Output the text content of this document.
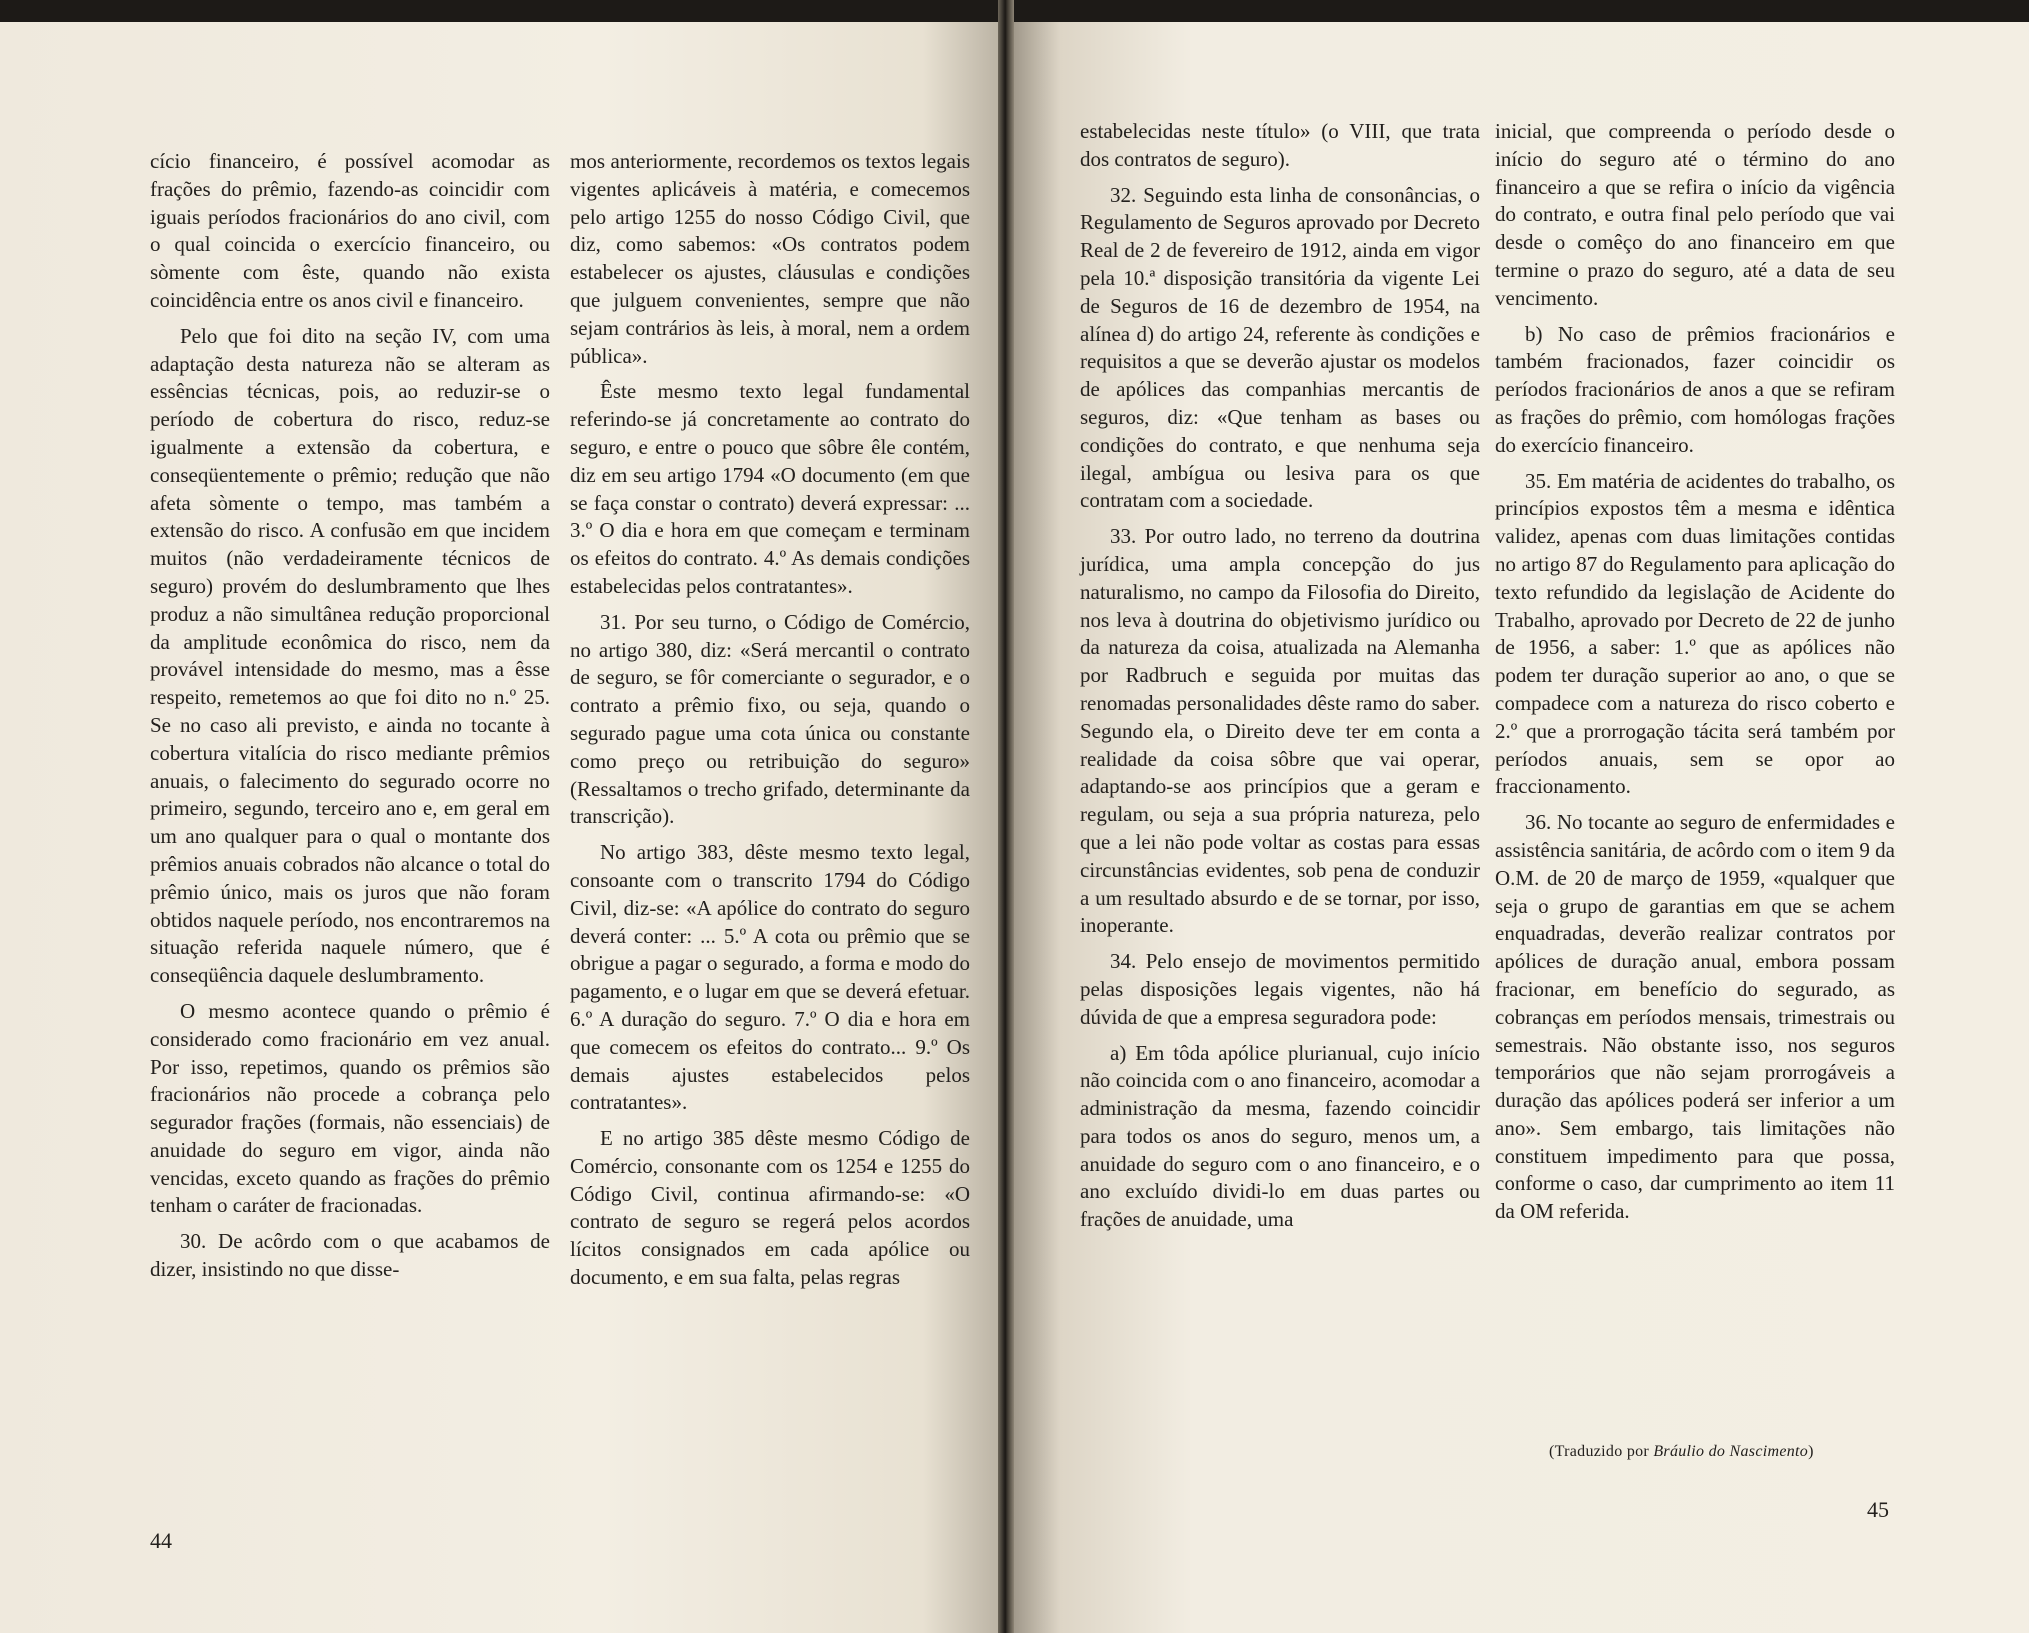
cício financeiro, é possível acomodar as frações do prêmio, fazendo-as coincidir com iguais períodos fracionários do ano civil, com o qual coincida o exercício financeiro, ou sòmente com êste, quando não exista coincidência entre os anos civil e financeiro.

Pelo que foi dito na seção IV, com uma adaptação desta natureza não se alteram as essências técnicas, pois, ao reduzir-se o período de cobertura do risco, reduz-se igualmente a extensão da cobertura, e conseqüentemente o prêmio; redução que não afeta sòmente o tempo, mas também a extensão do risco. A confusão em que incidem muitos (não verdadeiramente técnicos de seguro) provém do deslumbramento que lhes produz a não simultânea redução proporcional da amplitude econômica do risco, nem da provável intensidade do mesmo, mas a êsse respeito, remetemos ao que foi dito no n.º 25. Se no caso ali previsto, e ainda no tocante à cobertura vitalícia do risco mediante prêmios anuais, o falecimento do segurado ocorre no primeiro, segundo, terceiro ano e, em geral em um ano qualquer para o qual o montante dos prêmios anuais cobrados não alcance o total do prêmio único, mais os juros que não foram obtidos naquele período, nos encontraremos na situação referida naquele número, que é conseqüência daquele deslumbramento.

O mesmo acontece quando o prêmio é considerado como fracionário em vez anual. Por isso, repetimos, quando os prêmios são fracionários não procede a cobrança pelo segurador frações (formais, não essenciais) de anuidade do seguro em vigor, ainda não vencidas, exceto quando as frações do prêmio tenham o caráter de fracionadas.

30. De acôrdo com o que acabamos de dizer, insistindo no que disse-

mos anteriormente, recordemos os textos legais vigentes aplicáveis à matéria, e comecemos pelo artigo 1255 do nosso Código Civil, que diz, como sabemos: «Os contratos podem estabelecer os ajustes, cláusulas e condições que julguem convenientes, sempre que não sejam contrários às leis, à moral, nem a ordem pública».

Êste mesmo texto legal fundamental referindo-se já concretamente ao contrato do seguro, e entre o pouco que sôbre êle contém, diz em seu artigo 1794 «O documento (em que se faça constar o contrato) deverá expressar: ... 3.º O dia e hora em que começam e terminam os efeitos do contrato. 4.º As demais condições estabelecidas pelos contratantes».

31. Por seu turno, o Código de Comércio, no artigo 380, diz: «Será mercantil o contrato de seguro, se fôr comerciante o segurador, e o contrato a prêmio fixo, ou seja, quando o segurado pague uma cota única ou constante como preço ou retribuição do seguro» (Ressaltamos o trecho grifado, determinante da transcrição).

No artigo 383, dêste mesmo texto legal, consoante com o transcrito 1794 do Código Civil, diz-se: «A apólice do contrato do seguro deverá conter: ... 5.º A cota ou prêmio que se obrigue a pagar o segurado, a forma e modo do pagamento, e o lugar em que se deverá efetuar. 6.º A duração do seguro. 7.º O dia e hora em que comecem os efeitos do contrato... 9.º Os demais ajustes estabelecidos pelos contratantes».

E no artigo 385 dêste mesmo Código de Comércio, consonante com os 1254 e 1255 do Código Civil, continua afirmando-se: «O contrato de seguro se regerá pelos acordos lícitos consignados em cada apólice ou documento, e em sua falta, pelas regras

44

estabelecidas neste título» (o VIII, que trata dos contratos de seguro).

32. Seguindo esta linha de consonâncias, o Regulamento de Seguros aprovado por Decreto Real de 2 de fevereiro de 1912, ainda em vigor pela 10.ª disposição transitória da vigente Lei de Seguros de 16 de dezembro de 1954, na alínea d) do artigo 24, referente às condições e requisitos a que se deverão ajustar os modelos de apólices das companhias mercantis de seguros, diz: «Que tenham as bases ou condições do contrato, e que nenhuma seja ilegal, ambígua ou lesiva para os que contratam com a sociedade.

33. Por outro lado, no terreno da doutrina jurídica, uma ampla concepção do jus naturalismo, no campo da Filosofia do Direito, nos leva à doutrina do objetivismo jurídico ou da natureza da coisa, atualizada na Alemanha por Radbruch e seguida por muitas das renomadas personalidades dêste ramo do saber. Segundo ela, o Direito deve ter em conta a realidade da coisa sôbre que vai operar, adaptando-se aos princípios que a geram e regulam, ou seja a sua própria natureza, pelo que a lei não pode voltar as costas para essas circunstâncias evidentes, sob pena de conduzir a um resultado absurdo e de se tornar, por isso, inoperante.

34. Pelo ensejo de movimentos permitido pelas disposições legais vigentes, não há dúvida de que a empresa seguradora pode:

a) Em tôda apólice plurianual, cujo início não coincida com o ano financeiro, acomodar a administração da mesma, fazendo coincidir para todos os anos do seguro, menos um, a anuidade do seguro com o ano financeiro, e o ano excluído dividi-lo em duas partes ou frações de anuidade, uma

inicial, que compreenda o período desde o início do seguro até o término do ano financeiro a que se refira o início da vigência do contrato, e outra final pelo período que vai desde o comêço do ano financeiro em que termine o prazo do seguro, até a data de seu vencimento.

b) No caso de prêmios fracionários e também fracionados, fazer coincidir os períodos fracionários de anos a que se refiram as frações do prêmio, com homólogas frações do exercício financeiro.

35. Em matéria de acidentes do trabalho, os princípios expostos têm a mesma e idêntica validez, apenas com duas limitações contidas no artigo 87 do Regulamento para aplicação do texto refundido da legislação de Acidente do Trabalho, aprovado por Decreto de 22 de junho de 1956, a saber: 1.º que as apólices não podem ter duração superior ao ano, o que se compadece com a natureza do risco coberto e 2.º que a prorrogação tácita será também por períodos anuais, sem se opor ao fraccionamento.

36. No tocante ao seguro de enfermidades e assistência sanitária, de acôrdo com o item 9 da O.M. de 20 de março de 1959, «qualquer que seja o grupo de garantias em que se achem enquadradas, deverão realizar contratos por apólices de duração anual, embora possam fracionar, em benefício do segurado, as cobranças em períodos mensais, trimestrais ou semestrais. Não obstante isso, nos seguros temporários que não sejam prorrogáveis a duração das apólices poderá ser inferior a um ano». Sem embargo, tais limitações não constituem impedimento para que possa, conforme o caso, dar cumprimento ao item 11 da OM referida.

(Traduzido por Bráulio do Nascimento)
45
